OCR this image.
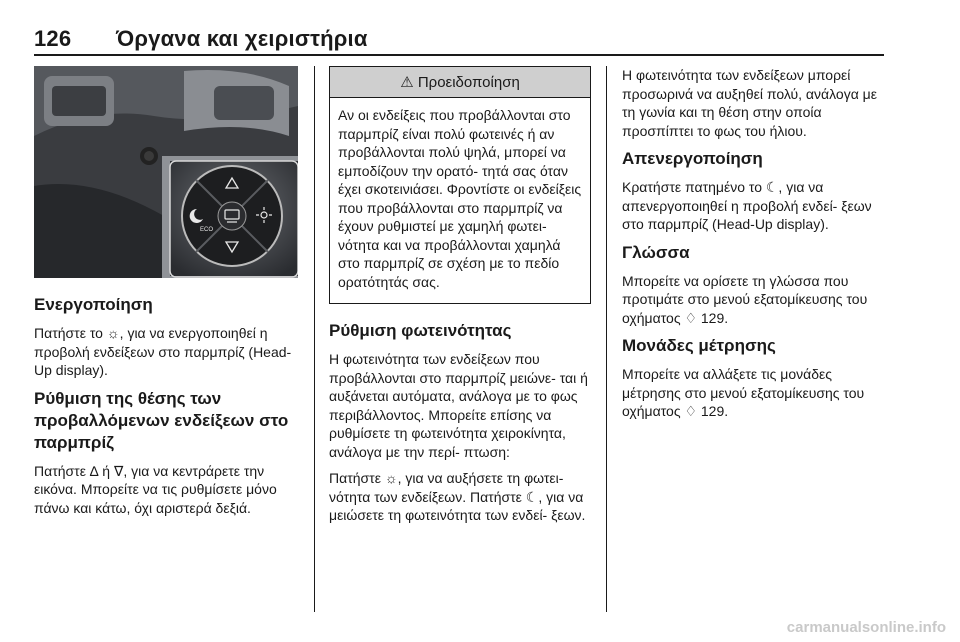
126 Όργανα και χειριστήρια
ECO
Ενεργοποίηση

Πατήστε το ☼, για να ενεργοποιηθεί η προβολή ενδείξεων στο παρμπρίζ (Head-Up display).

Ρύθμιση της θέσης των προβαλλόμενων ενδείξεων στο παρμπρίζ

Πατήστε ∆ ή ∇, για να κεντράρετε την εικόνα. Μπορείτε να τις ρυθμίσετε μόνο πάνω και κάτω, όχι αριστερά δεξιά.

⚠ Προειδοποίηση

Αν οι ενδείξεις που προβάλλονται στο παρμπρίζ είναι πολύ φωτεινές ή αν προβάλλονται πολύ ψηλά, μπορεί να εμποδίζουν την ορατό- τητά σας όταν έχει σκοτεινιάσει. Φροντίστε οι ενδείξεις που προβάλλονται στο παρμπρίζ να έχουν ρυθμιστεί με χαμηλή φωτει- νότητα και να προβάλλονται χαμηλά στο παρμπρίζ σε σχέση με το πεδίο ορατότητάς σας.

Ρύθμιση φωτεινότητας

Η φωτεινότητα των ενδείξεων που προβάλλονται στο παρμπρίζ μειώνε- ται ή αυξάνεται αυτόματα, ανάλογα με το φως περιβάλλοντος. Μπορείτε επίσης να ρυθμίσετε τη φωτεινότητα χειροκίνητα, ανάλογα με την περί- πτωση:

Πατήστε ☼, για να αυξήσετε τη φωτει- νότητα των ενδείξεων. Πατήστε ☾, για να μειώσετε τη φωτεινότητα των ενδεί- ξεων.

Η φωτεινότητα των ενδείξεων μπορεί προσωρινά να αυξηθεί πολύ, ανάλογα με τη γωνία και τη θέση στην οποία προσπίπτει το φως του ήλιου.

Απενεργοποίηση

Κρατήστε πατημένο το ☾, για να απενεργοποιηθεί η προβολή ενδεί- ξεων στο παρμπρίζ (Head-Up display).

Γλώσσα

Μπορείτε να ορίσετε τη γλώσσα που προτιμάτε στο μενού εξατομίκευσης του οχήματος ♢ 129.

Μονάδες μέτρησης

Μπορείτε να αλλάξετε τις μονάδες μέτρησης στο μενού εξατομίκευσης του οχήματος ♢ 129.

carmanualsonline.info
